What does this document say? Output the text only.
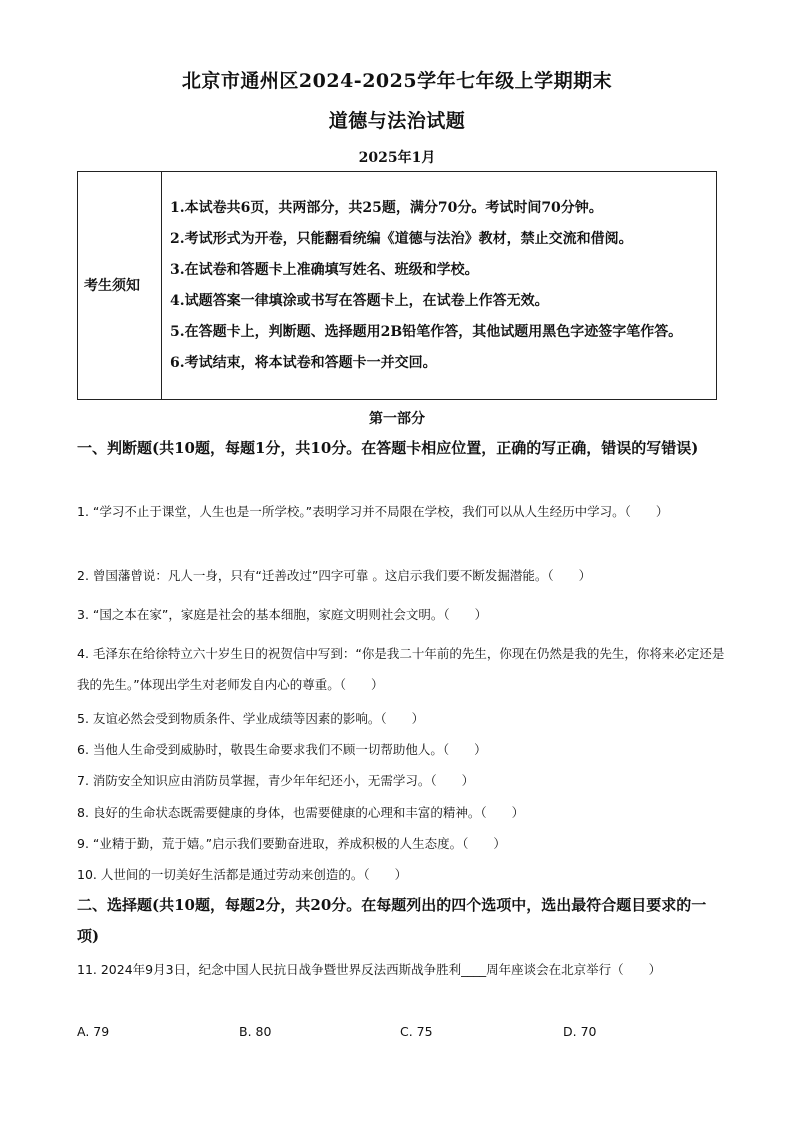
北京市通州区2024-2025学年七年级上学期期末
道德与法治试题
2025年1月
考生须知

1.本试卷共6页，共两部分，共25题，满分70分。考试时间70分钟。
2.考试形式为开卷，只能翻看统编《道德与法治》教材，禁止交流和借阅。
3.在试卷和答题卡上准确填写姓名、班级和学校。
4.试题答案一律填涂或书写在答题卡上，在试卷上作答无效。
5.在答题卡上，判断题、选择题用2B铅笔作答，其他试题用黑色字迹签字笔作答。
6.考试结束，将本试卷和答题卡一并交回。
第一部分
一、判断题(共10题，每题1分，共10分。在答题卡相应位置，正确的写正确，错误的写错误)
1. “学习不止于课堂，人生也是一所学校。”表明学习并不局限在学校，我们可以从人生经历中学习。（　　）
2. 曾国藩曾说：凡人一身，只有“迁善改过”四字可靠 。这启示我们要不断发掘潜能。（　　）
3. “国之本在家”，家庭是社会的基本细胞，家庭文明则社会文明。（　　）
4. 毛泽东在给徐特立六十岁生日的祝贺信中写到：“你是我二十年前的先生，你现在仍然是我的先生，你将来必定还是我的先生。”体现出学生对老师发自内心的尊重。（　　）
5. 友谊必然会受到物质条件、学业成绩等因素的影响。（　　）
6. 当他人生命受到威胁时，敬畏生命要求我们不顾一切帮助他人。（　　）
7. 消防安全知识应由消防员掌握，青少年年纪还小，无需学习。（　　）
8. 良好的生命状态既需要健康的身体，也需要健康的心理和丰富的精神。（　　）
9. “业精于勤，荒于嬉。”启示我们要勤奋进取，养成积极的人生态度。（　　）
10. 人世间的一切美好生活都是通过劳动来创造的。（　　）
二、选择题(共10题，每题2分，共20分。在每题列出的四个选项中，选出最符合题目要求的一项)
11. 2024年9月3日，纪念中国人民抗日战争暨世界反法西斯战争胜利____周年座谈会在北京举行（　　）
A. 79	B. 80	C. 75	D. 70
